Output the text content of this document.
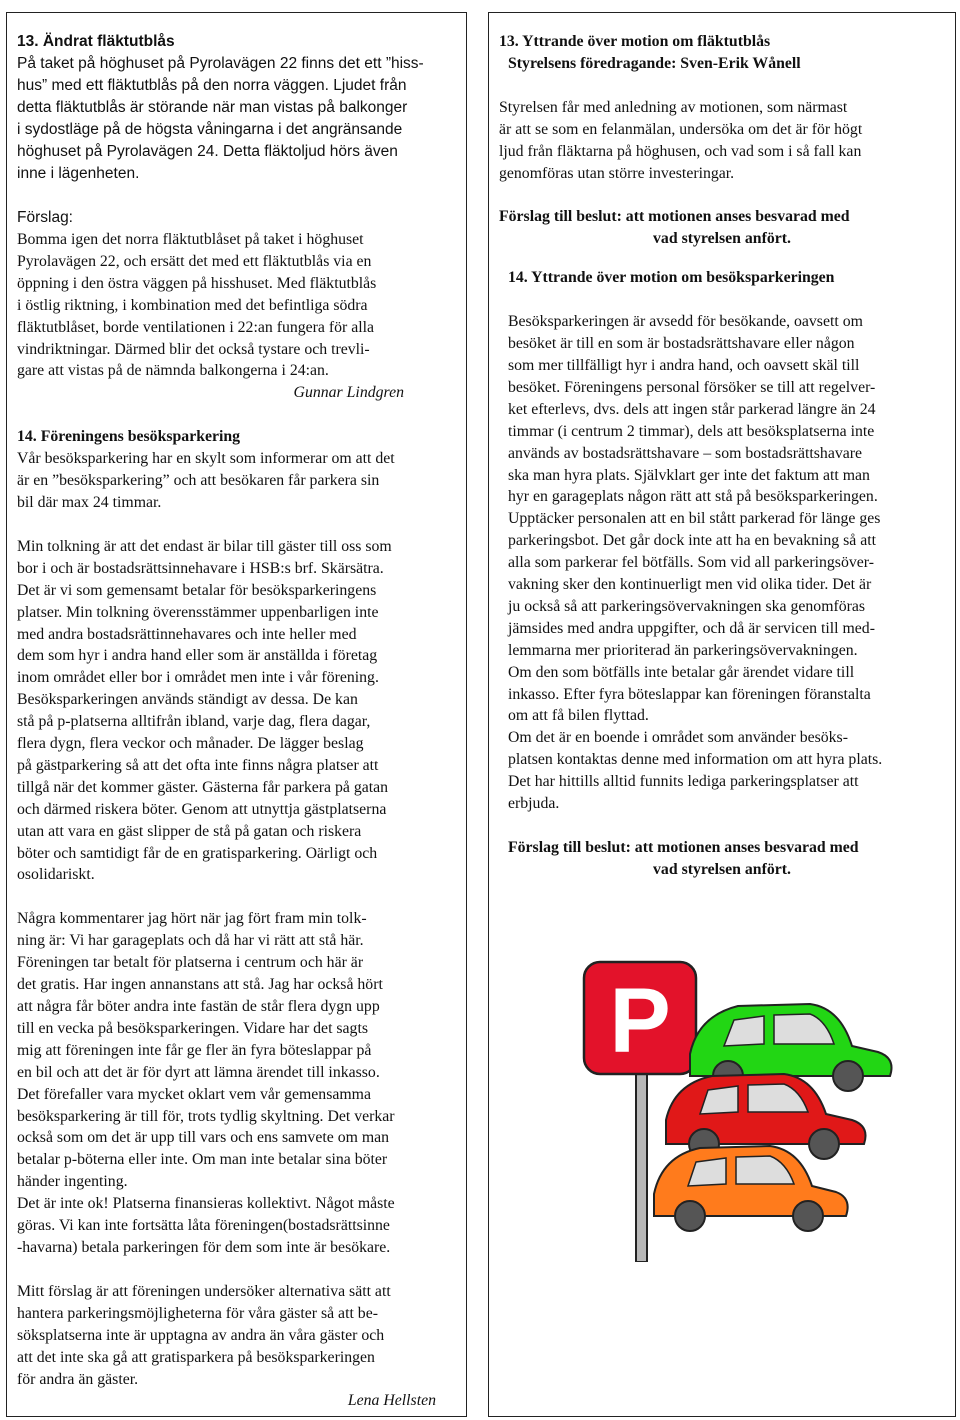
13. Ändrat fläktutblås

På taket på höghuset på Pyrolavägen 22 finns det ett ”hiss-

hus” med ett fläktutblås på den norra väggen. Ljudet från

detta fläktutblås är störande när man vistas på balkonger

i sydostläge på de högsta våningarna i det angränsande

höghuset på Pyrolavägen 24. Detta fläktoljud hörs även

inne i lägenheten.

Förslag:

Bomma igen det norra fläktutblåset på taket i höghuset

Pyrolavägen 22, och ersätt det med ett fläktutblås via en

öppning i den östra väggen på hisshuset. Med fläktutblås

i östlig riktning, i kombination med det befintliga södra

fläktutblåset, borde ventilationen i 22:an fungera för alla

vindriktningar. Därmed blir det också tystare och trevli-

gare att vistas på de nämnda balkongerna i 24:an.

Gunnar Lindgren

14. Föreningens besöksparkering

Vår besöksparkering har en skylt som informerar om att det

är en ”besöksparkering” och att besökaren får parkera sin

bil där max 24 timmar.

Min tolkning är att det endast är bilar till gäster till oss som

bor i och är bostadsrättsinnehavare i HSB:s brf. Skärsätra.

Det är vi som gemensamt betalar för besöksparkeringens

platser. Min tolkning överensstämmer uppenbarligen inte

med andra bostadsrättinnehavares och inte heller med

dem som hyr i andra hand eller som är anställda i företag

inom området eller bor i området men inte i vår förening.

Besöksparkeringen används ständigt av dessa. De kan

stå på p-platserna alltifrån ibland, varje dag, flera dagar,

flera dygn, flera veckor och månader. De lägger beslag

på gästparkering så att det ofta inte finns några platser att

tillgå när det kommer gäster. Gästerna får parkera på gatan

och därmed riskera böter. Genom att utnyttja gästplatserna

utan att vara en gäst slipper de stå på gatan och riskera

böter och samtidigt får de en gratisparkering. Oärligt och

osolidariskt.

Några kommentarer jag hört när jag fört fram min tolk-

ning är: Vi har garageplats och då har vi rätt att stå här.

Föreningen tar betalt för platserna i centrum och här är

det gratis. Har ingen annanstans att stå. Jag har också hört

att några får böter andra inte fastän de står flera dygn upp

till en vecka på besöksparkeringen. Vidare har det sagts

mig att föreningen inte får ge fler än fyra böteslappar på

en bil och att det är för dyrt att lämna ärendet till inkasso.

Det förefaller vara mycket oklart vem vår gemensamma

besöksparkering är till för, trots tydlig skyltning. Det verkar

också som om det är upp till vars och ens samvete om man

betalar p-böterna eller inte. Om man inte betalar sina böter

händer ingenting.

Det är inte ok! Platserna finansieras kollektivt. Något måste

göras. Vi kan inte fortsätta låta föreningen(bostadsrättsinne

-havarna) betala parkeringen för dem som inte är besökare.

Mitt förslag är att föreningen undersöker alternativa sätt att

hantera parkeringsmöjligheterna för våra gäster så att be-

söksplatserna inte är upptagna av andra än våra gäster och

att det inte ska gå att gratisparkera på besöksparkeringen

för andra än gäster.

Lena Hellsten

13. Yttrande över motion om fläktutblås

Styrelsens föredragande: Sven-Erik Wånell

Styrelsen får med anledning av motionen, som närmast

är att se som en felanmälan, undersöka om det är för högt

ljud från fläktarna på höghusen, och vad som i så fall kan

genomföras utan större investeringar.

Förslag till beslut: att motionen anses besvarad med

vad styrelsen anfört.

14. Yttrande över motion om besöksparkeringen

Besöksparkeringen är avsedd för besökande, oavsett om

besöket är till en som är bostadsrättshavare eller någon

som mer tillfälligt hyr i andra hand, och oavsett skäl till

besöket. Föreningens personal försöker se till att regelver-

ket efterlevs, dvs. dels att ingen står parkerad längre än 24

timmar (i centrum 2 timmar), dels att besöksplatserna inte

används av bostadsrättshavare – som bostadsrättshavare

ska man hyra plats. Självklart ger inte det faktum att man

hyr en garageplats någon rätt att stå på besöksparkeringen.

Upptäcker personalen att en bil stått parkerad för länge ges

parkeringsbot. Det går dock inte att ha en bevakning så att

alla som parkerar fel bötfälls. Som vid all parkeringsöver-

vakning sker den kontinuerligt men vid olika tider. Det är

ju också så att parkeringsövervakningen ska genomföras

jämsides med andra uppgifter, och då är servicen till med-

lemmarna mer prioriterad än parkeringsövervakningen.

Om den som bötfälls inte betalar går ärendet vidare till

inkasso. Efter fyra böteslappar kan föreningen föranstalta

om att få bilen flyttad.

Om det är en boende i området som använder besöks-

platsen kontaktas denne med information om att hyra plats.

Det har hittills alltid funnits lediga parkeringsplatser att

erbjuda.

Förslag till beslut: att motionen anses besvarad med

vad styrelsen anfört.

P
